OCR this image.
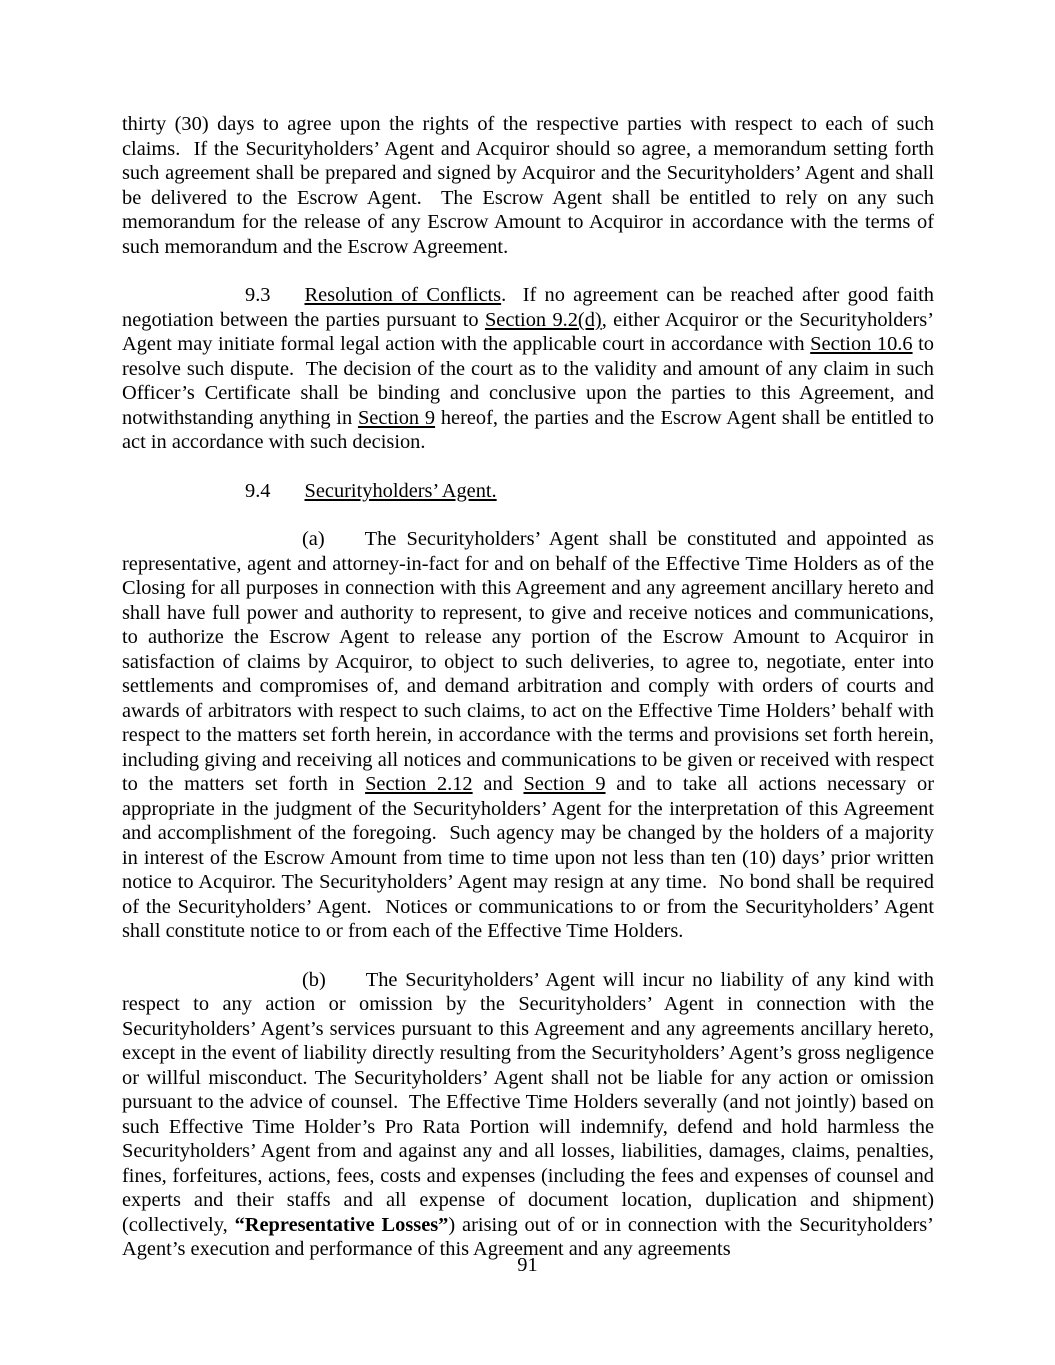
thirty (30) days to agree upon the rights of the respective parties with respect to each of such claims.  If the Securityholders’ Agent and Acquiror should so agree, a memorandum setting forth such agreement shall be prepared and signed by Acquiror and the Securityholders’ Agent and shall be delivered to the Escrow Agent.  The Escrow Agent shall be entitled to rely on any such memorandum for the release of any Escrow Amount to Acquiror in accordance with the terms of such memorandum and the Escrow Agreement.

9.3 Resolution of Conflicts.  If no agreement can be reached after good faith negotiation between the parties pursuant to Section 9.2(d), either Acquiror or the Securityholders’ Agent may initiate formal legal action with the applicable court in accordance with Section 10.6 to resolve such dispute.  The decision of the court as to the validity and amount of any claim in such Officer’s Certificate shall be binding and conclusive upon the parties to this Agreement, and notwithstanding anything in Section 9 hereof, the parties and the Escrow Agent shall be entitled to act in accordance with such decision.

9.4 Securityholders’ Agent.

(a) The Securityholders’ Agent shall be constituted and appointed as representative, agent and attorney-in-fact for and on behalf of the Effective Time Holders as of the Closing for all purposes in connection with this Agreement and any agreement ancillary hereto and shall have full power and authority to represent, to give and receive notices and communications, to authorize the Escrow Agent to release any portion of the Escrow Amount to Acquiror in satisfaction of claims by Acquiror, to object to such deliveries, to agree to, negotiate, enter into settlements and compromises of, and demand arbitration and comply with orders of courts and awards of arbitrators with respect to such claims, to act on the Effective Time Holders’ behalf with respect to the matters set forth herein, in accordance with the terms and provisions set forth herein, including giving and receiving all notices and communications to be given or received with respect to the matters set forth in Section 2.12 and Section 9 and to take all actions necessary or appropriate in the judgment of the Securityholders’ Agent for the interpretation of this Agreement and accomplishment of the foregoing.  Such agency may be changed by the holders of a majority in interest of the Escrow Amount from time to time upon not less than ten (10) days’ prior written notice to Acquiror. The Securityholders’ Agent may resign at any time.  No bond shall be required of the Securityholders’ Agent.  Notices or communications to or from the Securityholders’ Agent shall constitute notice to or from each of the Effective Time Holders.

(b) The Securityholders’ Agent will incur no liability of any kind with respect to any action or omission by the Securityholders’ Agent in connection with the Securityholders’ Agent’s services pursuant to this Agreement and any agreements ancillary hereto, except in the event of liability directly resulting from the Securityholders’ Agent’s gross negligence or willful misconduct. The Securityholders’ Agent shall not be liable for any action or omission pursuant to the advice of counsel.  The Effective Time Holders severally (and not jointly) based on such Effective Time Holder’s Pro Rata Portion will indemnify, defend and hold harmless the Securityholders’ Agent from and against any and all losses, liabilities, damages, claims, penalties, fines, forfeitures, actions, fees, costs and expenses (including the fees and expenses of counsel and experts and their staffs and all expense of document location, duplication and shipment) (collectively, “Representative Losses”) arising out of or in connection with the Securityholders’ Agent’s execution and performance of this Agreement and any agreements

91
